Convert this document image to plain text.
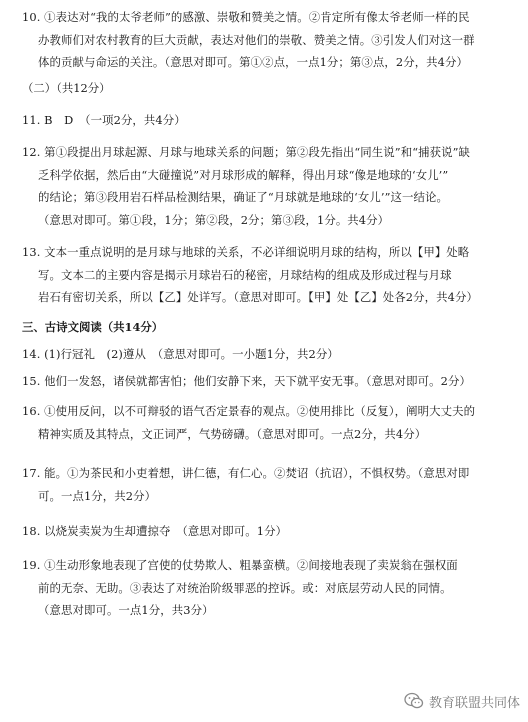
10. ①表达对“我的太爷老师”的感激、崇敬和赞美之情。②肯定所有像太爷老师一样的民

办教师们对农村教育的巨大贡献，表达对他们的崇敬、赞美之情。③引发人们对这一群

体的贡献与命运的关注。（意思对即可。第①②点，一点1分；第③点，2分，共4分）

（二）（共12分）

11. B　D　（一项2分，共4分）

12. 第①段提出月球起源、月球与地球关系的问题；第②段先指出“同生说”和“捕获说”缺

乏科学依据，然后由“大碰撞说”对月球形成的解释，得出月球“像是地球的‘女儿’”

的结论；第③段用岩石样品检测结果，确证了“月球就是地球的‘女儿’”这一结论。

（意思对即可。第①段，1分；第②段，2分；第③段，1分。共4分）

13. 文本一重点说明的是月球与地球的关系，不必详细说明月球的结构，所以【甲】处略

写。文本二的主要内容是揭示月球岩石的秘密，月球结构的组成及形成过程与月球

岩石有密切关系，所以【乙】处详写。（意思对即可。【甲】处【乙】处各2分，共4分）

三、古诗文阅读（共14分）

14. (1)行冠礼　(2)遵从　（意思对即可。一小题1分，共2分）

15. 他们一发怒，诸侯就都害怕；他们安静下来，天下就平安无事。（意思对即可。2分）

16. ①使用反问，以不可辩驳的语气否定景春的观点。②使用排比（反复），阐明大丈夫的

精神实质及其特点，文正词严，气势磅礴。（意思对即可。一点2分，共4分）

17. 能。①为茶民和小吏着想，讲仁德，有仁心。②焚诏（抗诏），不惧权势。（意思对即

可。一点1分，共2分）

18. 以烧炭卖炭为生却遭掠夺　（意思对即可。1分）

19. ①生动形象地表现了宫使的仗势欺人、粗暴蛮横。②间接地表现了卖炭翁在强权面

前的无奈、无助。③表达了对统治阶级罪恶的控诉。或：对底层劳动人民的同情。

（意思对即可。一点1分，共3分）

教育联盟共同体
